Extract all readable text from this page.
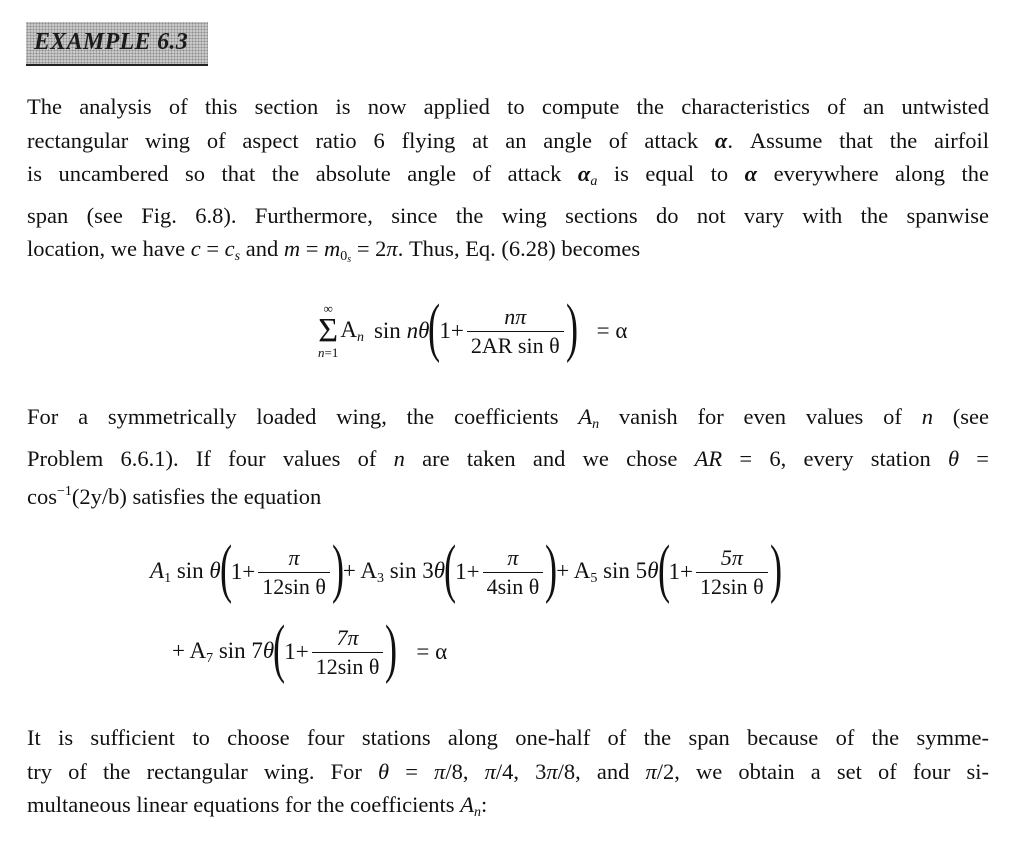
EXAMPLE 6.3

The analysis of this section is now applied to compute the characteristics of an untwisted
rectangular wing of aspect ratio 6 flying at an angle of attack α. Assume that the airfoil
is uncambered so that the absolute angle of attack $\alpha_a$ is equal to α everywhere along the
span (see Fig. 6.8). Furthermore, since the wing sections do not vary with the spanwise
location, we have $c = c_s$ and $m = m_{0_s} = 2\pi$. Thus, Eq. (6.28) becomes

∞
Σ
n=1
$A_n$ sin
nθ
(
$1+ \frac{n\pi}{\text{2AR sin θ}}$ ) = α

For a symmetrically loaded wing, the coefficients $A_n$ vanish for even values of n (see
Problem 6.6.1). If four values of n are taken and we chose AR = 6, every station θ =
$\cos^{-1}(2y/b)$ satisfies the equation

$A_1$ sin θ
(
$1+ \frac{\pi}{\text{12sin θ}}$ )
+ $A_3$ sin 3θ
(
$1+ \frac{\pi}{\text{4sin θ}}$ )
+ $A_5$ sin 5θ
(
$1+ \frac{5\pi}{\text{12sin θ}}$ )
+ $A_7$ sin 7θ
(
$1+ \frac{7\pi}{\text{12sin θ}}$ ) = α

It is sufficient to choose four stations along one-half of the span because of the symme-
try of the rectangular wing. For θ = π/8, π/4, 3π/8, and π/2, we obtain a set of four si-
multaneous linear equations for the coefficients $A_n$:
